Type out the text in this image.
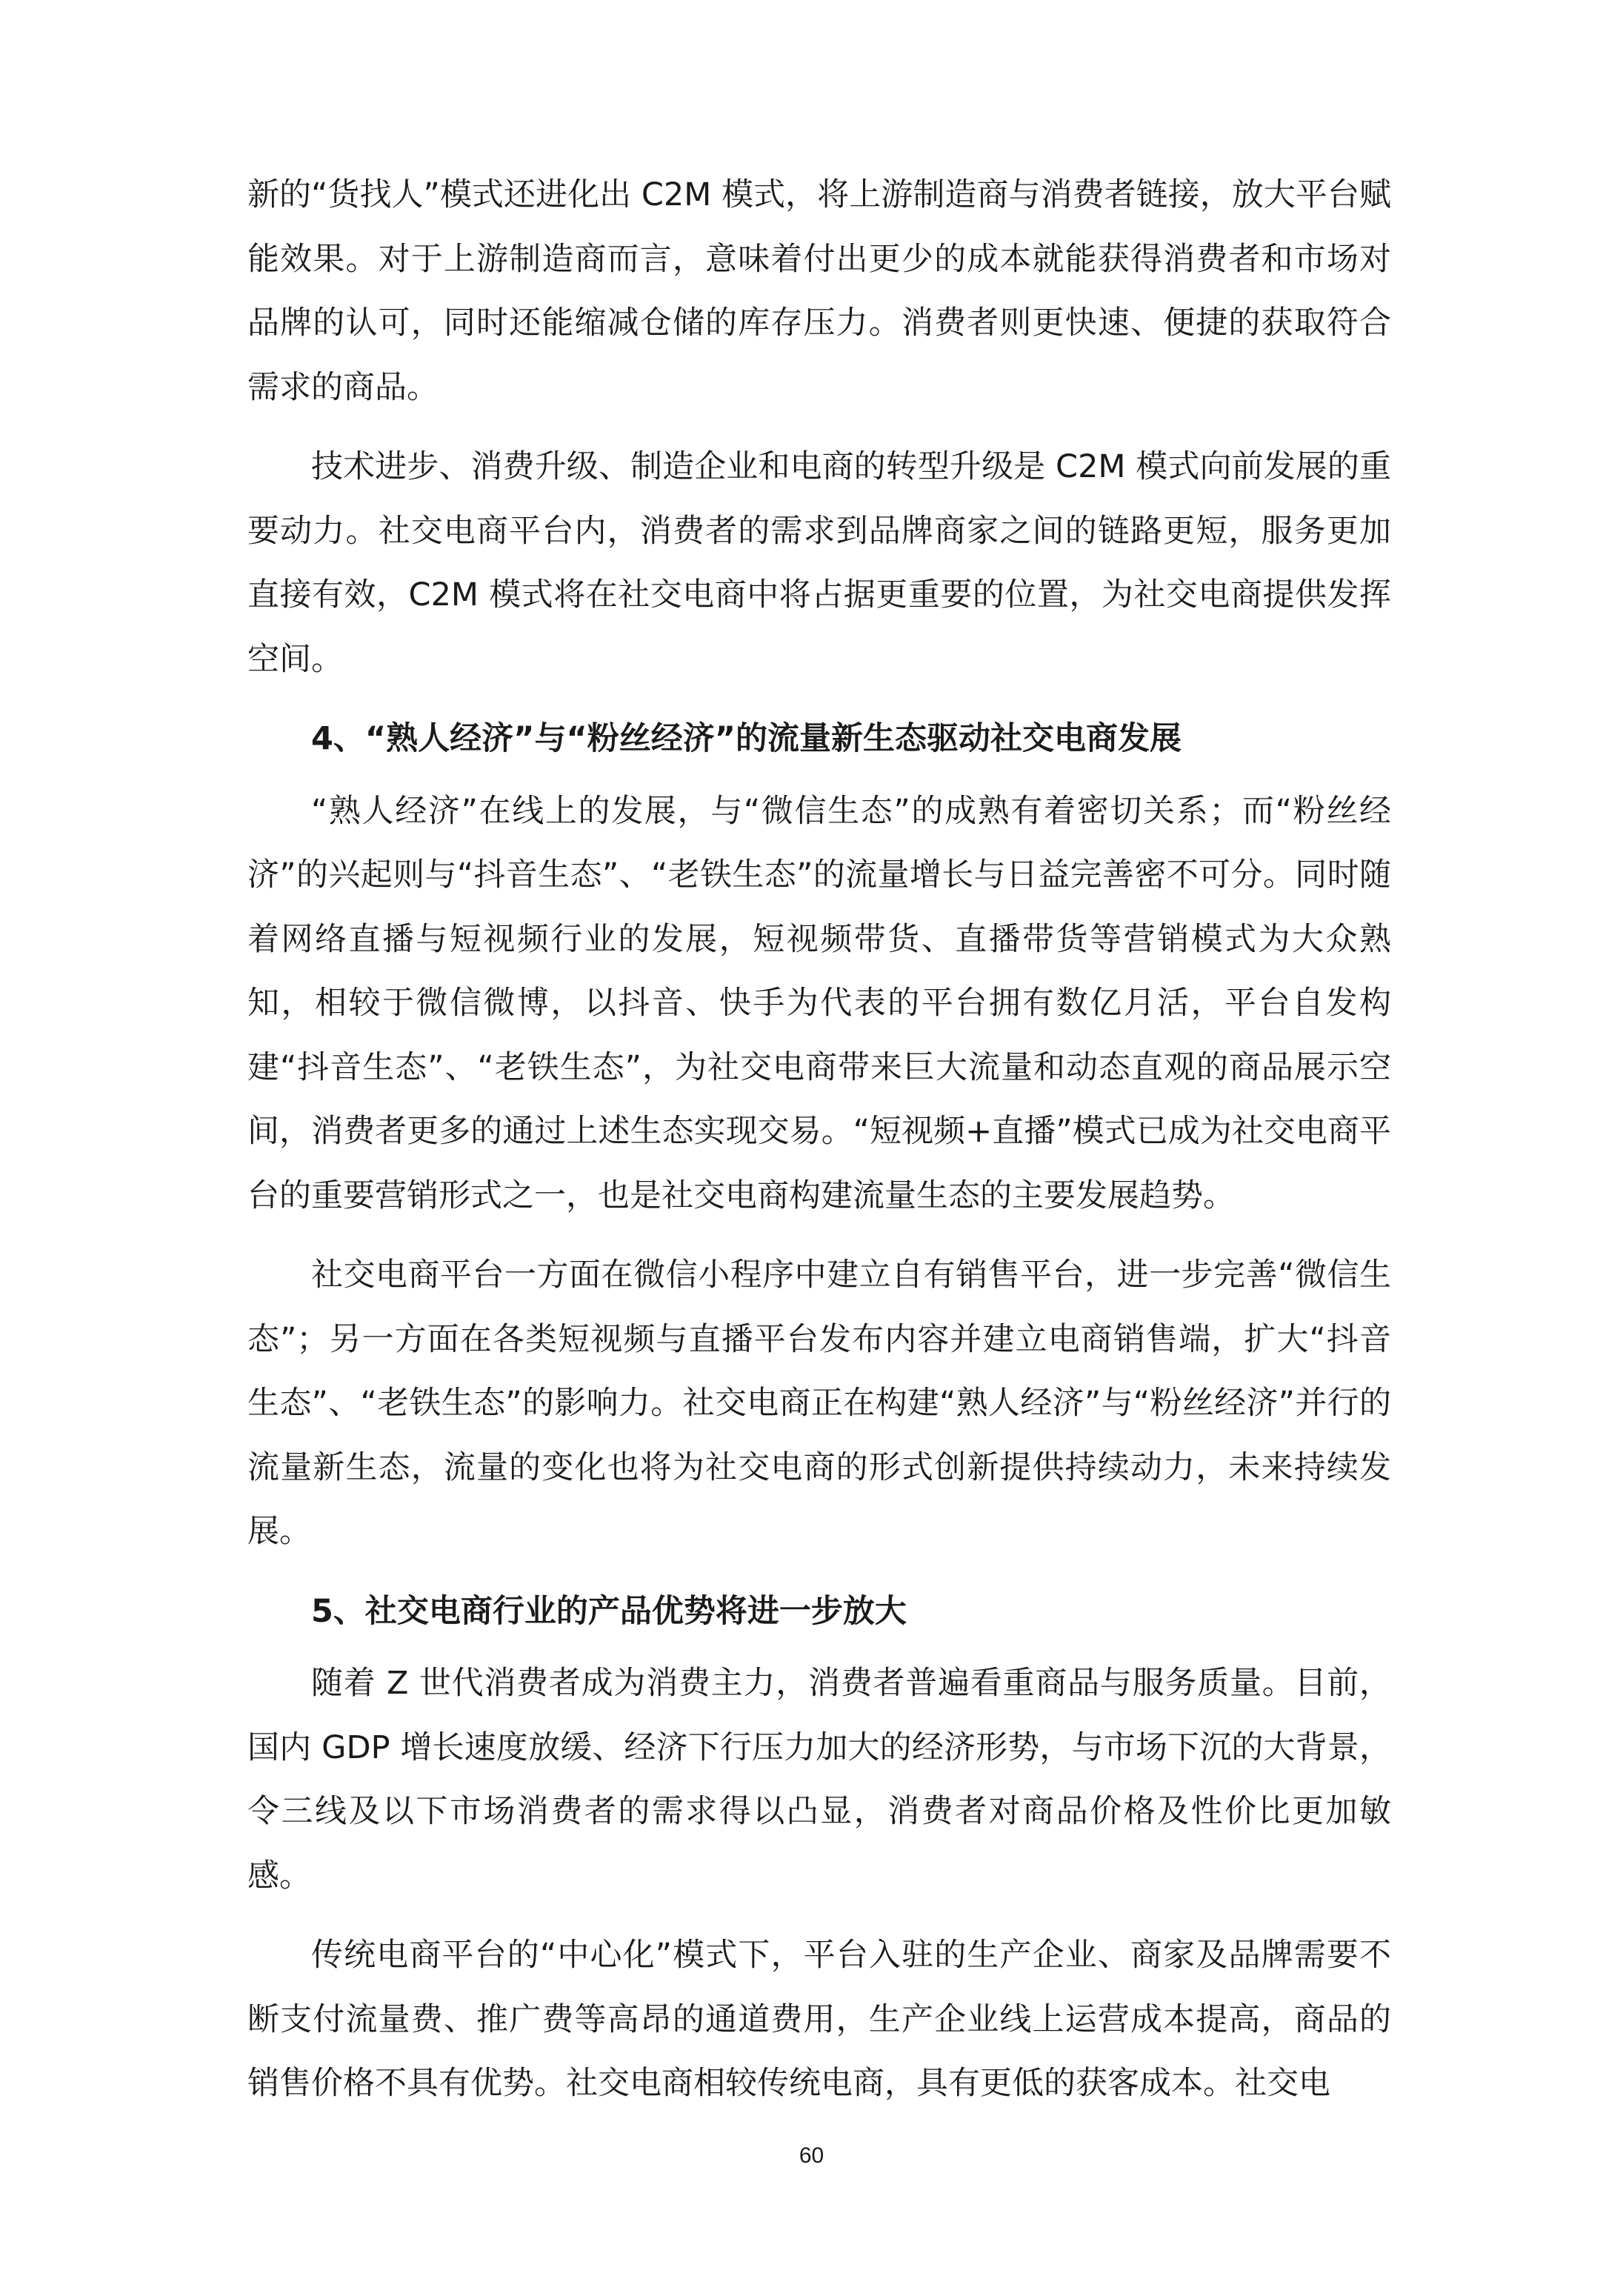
新的“货找人”模式还进化出 C2M 模式，将上游制造商与消费者链接，放大平台赋能效果。对于上游制造商而言，意味着付出更少的成本就能获得消费者和市场对品牌的认可，同时还能缩减仓储的库存压力。消费者则更快速、便捷的获取符合需求的商品。

技术进步、消费升级、制造企业和电商的转型升级是 C2M 模式向前发展的重要动力。社交电商平台内，消费者的需求到品牌商家之间的链路更短，服务更加直接有效，C2M 模式将在社交电商中将占据更重要的位置，为社交电商提供发挥空间。

4、“熟人经济”与“粉丝经济”的流量新生态驱动社交电商发展

“熟人经济”在线上的发展，与“微信生态”的成熟有着密切关系；而“粉丝经济”的兴起则与“抖音生态”、“老铁生态”的流量增长与日益完善密不可分。同时随着网络直播与短视频行业的发展，短视频带货、直播带货等营销模式为大众熟知，相较于微信微博，以抖音、快手为代表的平台拥有数亿月活，平台自发构建“抖音生态”、“老铁生态”，为社交电商带来巨大流量和动态直观的商品展示空间，消费者更多的通过上述生态实现交易。“短视频+直播”模式已成为社交电商平台的重要营销形式之一，也是社交电商构建流量生态的主要发展趋势。

社交电商平台一方面在微信小程序中建立自有销售平台，进一步完善“微信生态”；另一方面在各类短视频与直播平台发布内容并建立电商销售端，扩大“抖音生态”、“老铁生态”的影响力。社交电商正在构建“熟人经济”与“粉丝经济”并行的流量新生态，流量的变化也将为社交电商的形式创新提供持续动力，未来持续发展。

5、社交电商行业的产品优势将进一步放大

随着 Z 世代消费者成为消费主力，消费者普遍看重商品与服务质量。目前，国内 GDP 增长速度放缓、经济下行压力加大的经济形势，与市场下沉的大背景，令三线及以下市场消费者的需求得以凸显，消费者对商品价格及性价比更加敏感。

传统电商平台的“中心化”模式下，平台入驻的生产企业、商家及品牌需要不断支付流量费、推广费等高昂的通道费用，生产企业线上运营成本提高，商品的销售价格不具有优势。社交电商相较传统电商，具有更低的获客成本。社交电

60
